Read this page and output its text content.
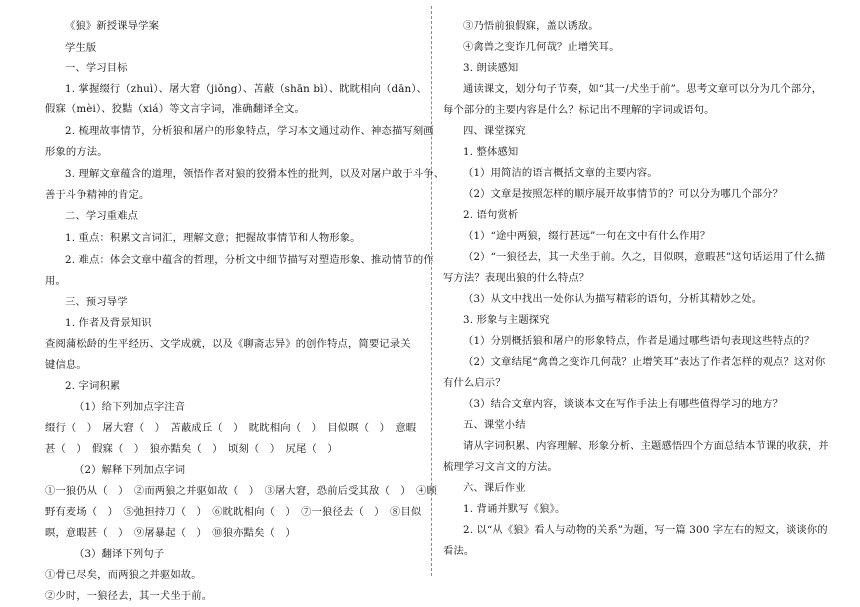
《狼》新授课导学案
学生版
一、学习目标
1. 掌握缀行（zhuì）、屠大窘（jiǒng）、苫蔽（shān bì）、眈眈相向（dān）、
假寐（mèi）、狡黠（xiá）等文言字词，准确翻译全文。
2. 梳理故事情节，分析狼和屠户的形象特点，学习本文通过动作、神态描写刻画
形象的方法。
3. 理解文章蕴含的道理，领悟作者对狼的狡猾本性的批判，以及对屠户敢于斗争、
善于斗争精神的肯定。
二、学习重难点
1. 重点：积累文言词汇，理解文意；把握故事情节和人物形象。
2. 难点：体会文章中蕴含的哲理，分析文中细节描写对塑造形象、推动情节的作
用。
三、预习导学
1. 作者及背景知识
查阅蒲松龄的生平经历、文学成就，以及《聊斋志异》的创作特点，简要记录关
键信息。
2. 字词积累
（1）给下列加点字注音
缀行（　）　屠大窘（　）　苫蔽成丘（　）　眈眈相向（　）　目似暝（　）　意暇
甚（　）　假寐（　）　狼亦黠矣（　）　顷刻（　）　尻尾（　）
（2）解释下列加点字词
①一狼仍从（　）　②而两狼之并驱如故（　）　③屠大窘，恐前后受其敌（　）　④顾
野有麦场（　）　⑤弛担持刀（　）　⑥眈眈相向（　）　⑦一狼径去（　）　⑧目似
暝，意暇甚（　）　⑨屠暴起（　）　⑩狼亦黠矣（　）
（3）翻译下列句子
①骨已尽矣，而两狼之并驱如故。
②少时，一狼径去，其一犬坐于前。
③乃悟前狼假寐，盖以诱敌。
④禽兽之变诈几何哉？止增笑耳。
3. 朗读感知
通读课文，划分句子节奏，如“其一/犬坐于前”。思考文章可以分为几个部分，
每个部分的主要内容是什么？标记出不理解的字词或语句。
四、课堂探究
1. 整体感知
（1）用简洁的语言概括文章的主要内容。
（2）文章是按照怎样的顺序展开故事情节的？可以分为哪几个部分？
2. 语句赏析
（1）“途中两狼，缀行甚远”一句在文中有什么作用？
（2）“一狼径去，其一犬坐于前。久之，目似暝，意暇甚”这句话运用了什么描
写方法？表现出狼的什么特点？
（3）从文中找出一处你认为描写精彩的语句，分析其精妙之处。
3. 形象与主题探究
（1）分别概括狼和屠户的形象特点，作者是通过哪些语句表现这些特点的？
（2）文章结尾“禽兽之变诈几何哉？止增笑耳”表达了作者怎样的观点？这对你
有什么启示？
（3）结合文章内容，谈谈本文在写作手法上有哪些值得学习的地方？
五、课堂小结
请从字词积累、内容理解、形象分析、主题感悟四个方面总结本节课的收获，并
梳理学习文言文的方法。
六、课后作业
1. 背诵并默写《狼》。
2. 以“从《狼》看人与动物的关系”为题，写一篇 300 字左右的短文，谈谈你的
看法。
